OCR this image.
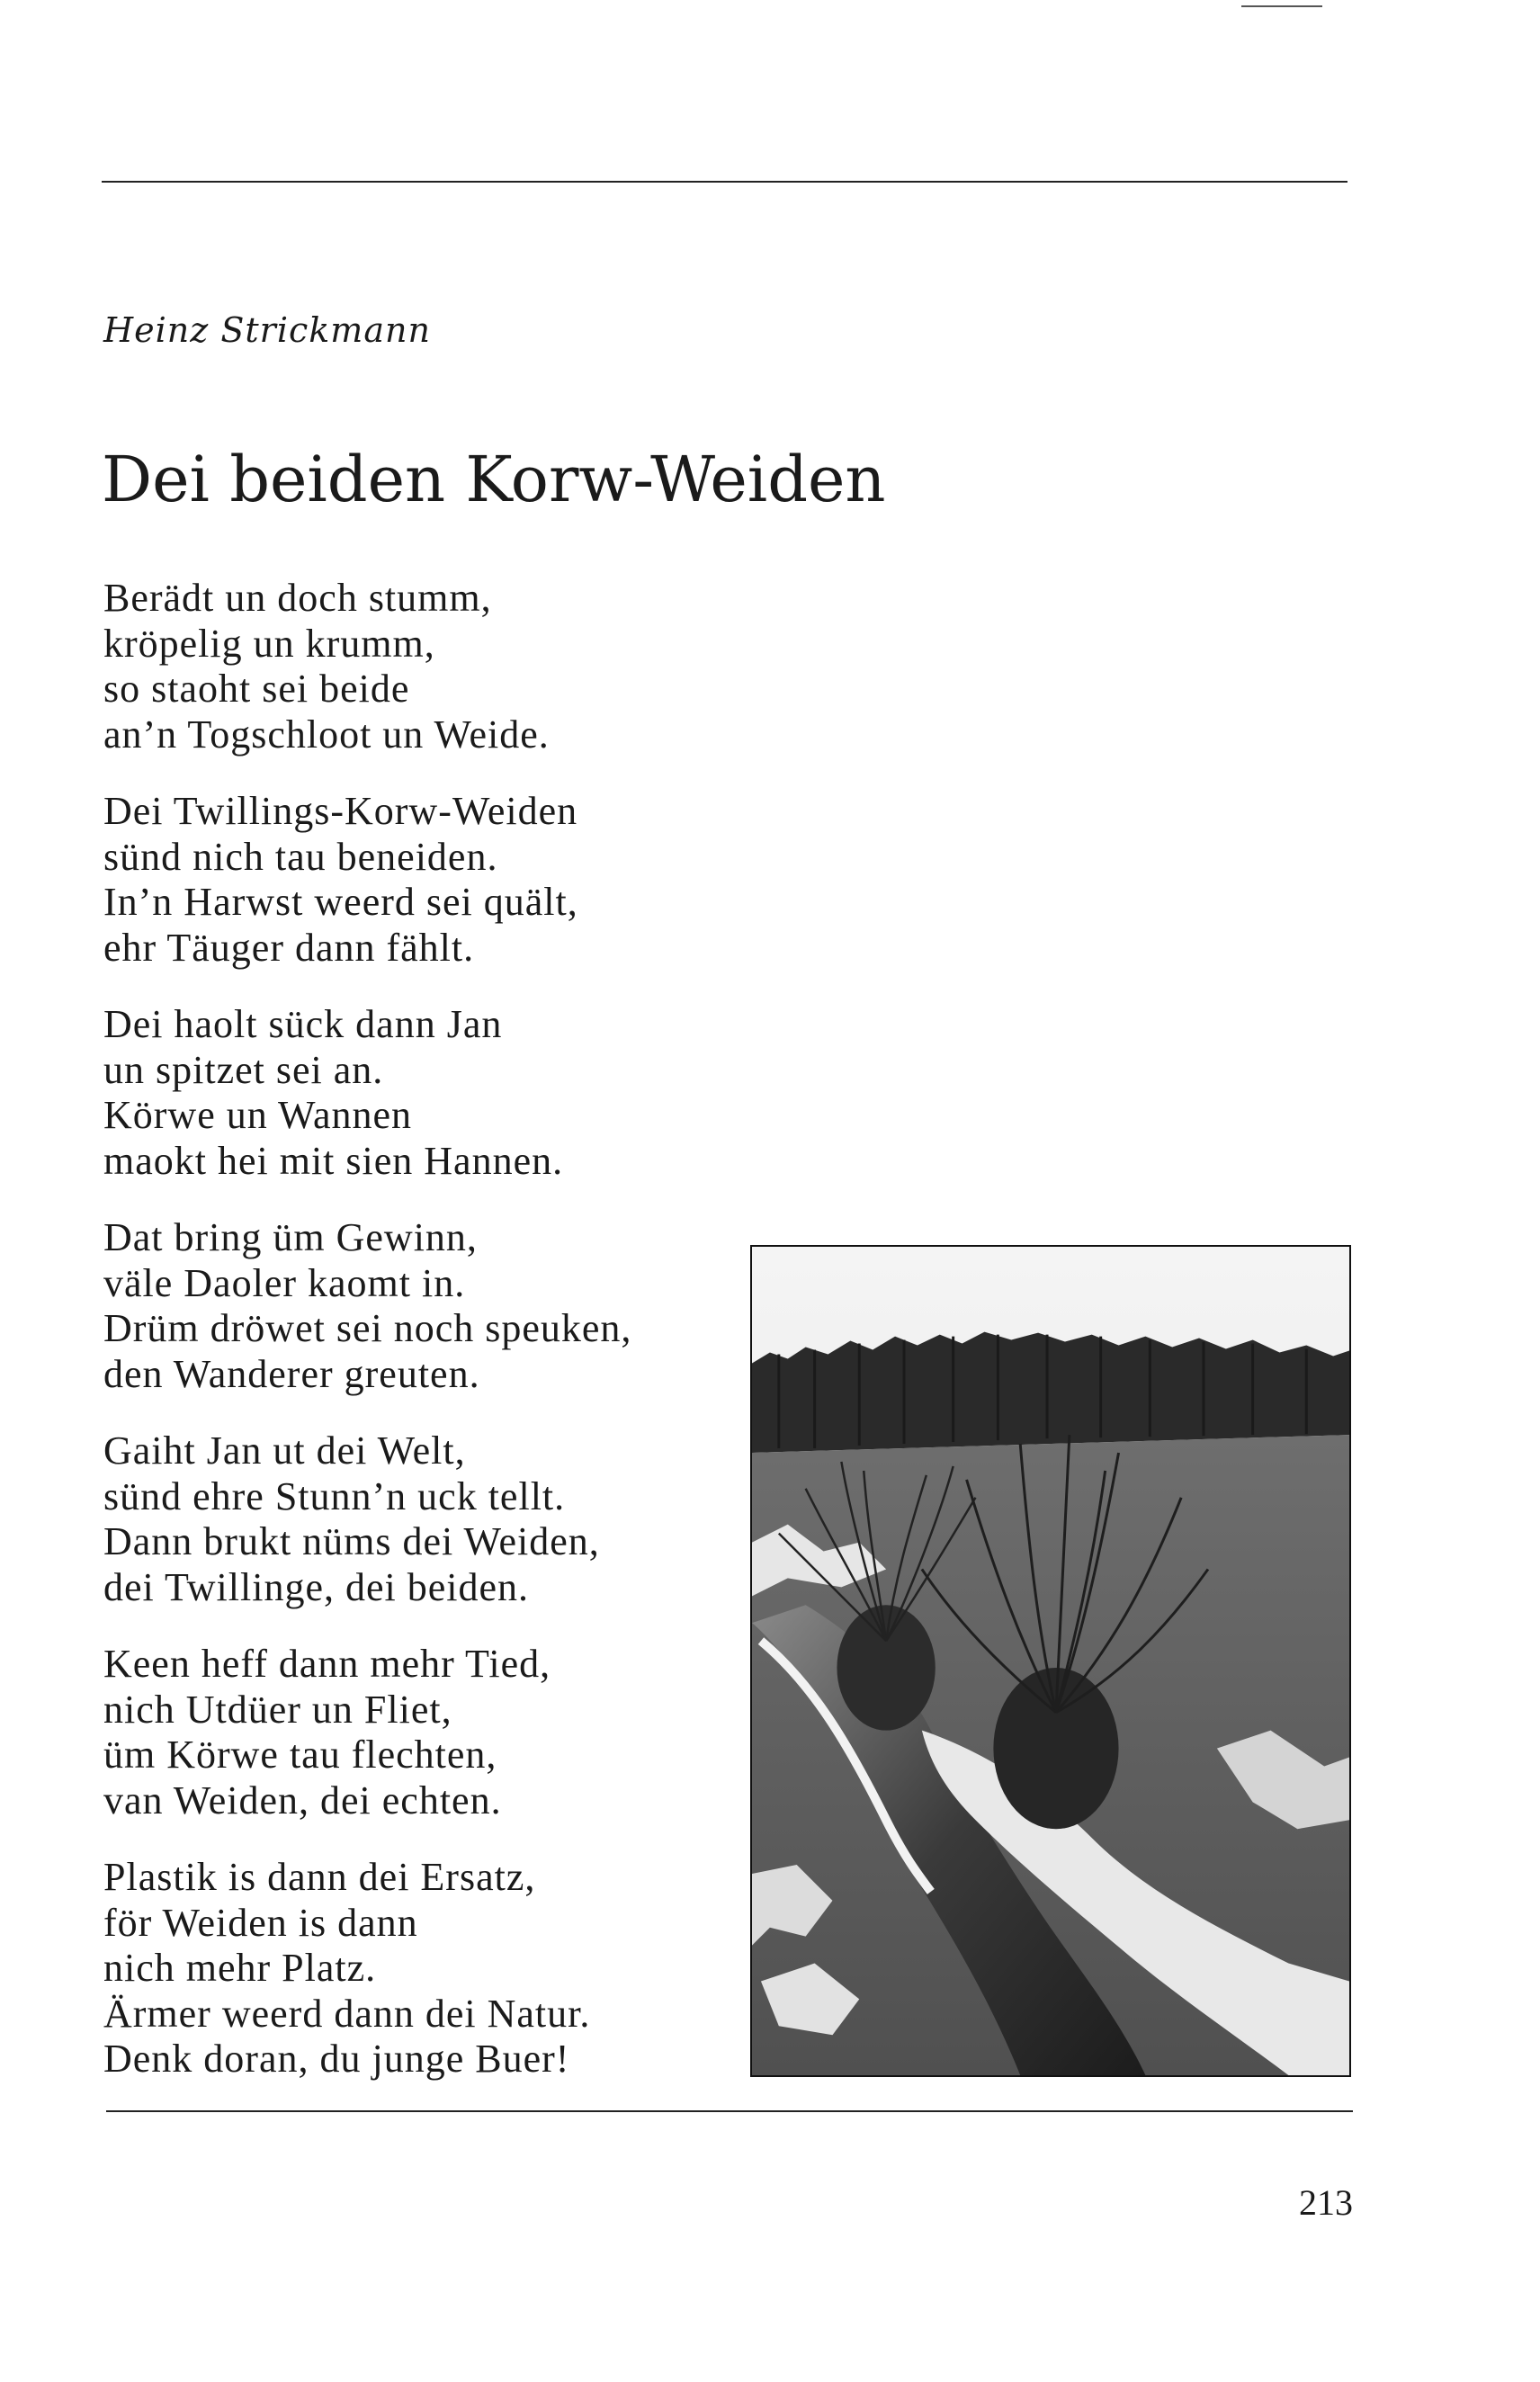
Heinz Strickmann
Dei beiden Korw-Weiden
Berädt un doch stumm,
kröpelig un krumm,
so staoht sei beide
an’n Togschloot un Weide.
Dei Twillings-Korw-Weiden
sünd nich tau beneiden.
In’n Harwst weerd sei quält,
ehr Täuger dann fählt.
Dei haolt sück dann Jan
un spitzet sei an.
Körwe un Wannen
maokt hei mit sien Hannen.
Dat bring üm Gewinn,
väle Daoler kaomt in.
Drüm dröwet sei noch speuken,
den Wanderer greuten.
Gaiht Jan ut dei Welt,
sünd ehre Stunn’n uck tellt.
Dann brukt nüms dei Weiden,
dei Twillinge, dei beiden.
Keen heff dann mehr Tied,
nich Utdüer un Fliet,
üm Körwe tau flechten,
van Weiden, dei echten.
Plastik is dann dei Ersatz,
för Weiden is dann
nich mehr Platz.
Ärmer weerd dann dei Natur.
Denk doran, du junge Buer!
213
